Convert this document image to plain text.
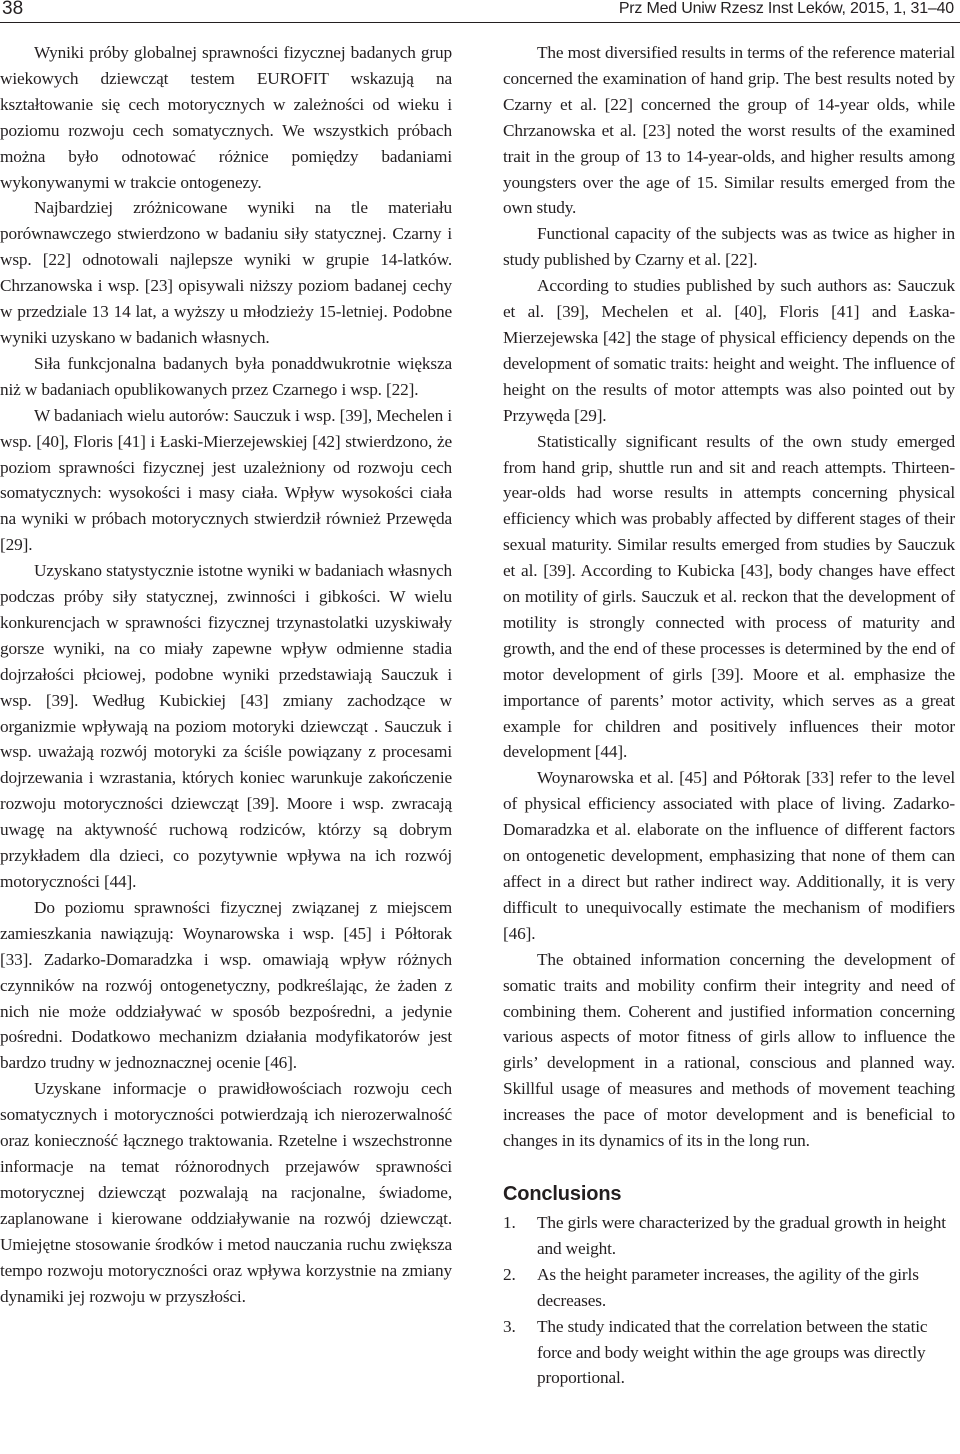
38	Prz Med Uniw Rzesz Inst Leków, 2015, 1, 31–40

Wyniki próby globalnej sprawności fizycznej badanych grup wiekowych dziewcząt testem EUROFIT wskazują na kształtowanie się cech motorycznych w zależności od wieku i poziomu rozwoju cech somatycznych. We wszystkich próbach można było odnotować różnice pomiędzy badaniami wykonywanymi w trakcie ontogenezy.

Najbardziej zróżnicowane wyniki na tle materiału porównawczego stwierdzono w badaniu siły statycznej. Czarny i wsp. [22] odnotowali najlepsze wyniki w grupie 14-latków. Chrzanowska i wsp. [23] opisywali niższy poziom badanej cechy w przedziale 13 14 lat, a wyższy u młodzieży 15-letniej. Podobne wyniki uzyskano w badanich własnych.

Siła funkcjonalna badanych była ponaddwukrotnie większa niż w badaniach opublikowanych przez Czarnego i wsp. [22].

W badaniach wielu autorów: Sauczuk i wsp. [39], Mechelen i wsp. [40], Floris [41] i Łaski-Mierzejewskiej [42] stwierdzono, że poziom sprawności fizycznej jest uzależniony od rozwoju cech somatycznych: wysokości i masy ciała. Wpływ wysokości ciała na wyniki w próbach motorycznych stwierdził również Przewęda [29].

Uzyskano statystycznie istotne wyniki w badaniach własnych podczas próby siły statycznej, zwinności i gibkości. W wielu konkurencjach w sprawności fizycznej trzynastolatki uzyskiwały gorsze wyniki, na co miały zapewne wpływ odmienne stadia dojrzałości płciowej, podobne wyniki przedstawiają Sauczuk i wsp. [39]. Według Kubickiej [43] zmiany zachodzące w organizmie wpływają na poziom motoryki dziewcząt . Sauczuk i wsp. uważają rozwój motoryki za ściśle powiązany z procesami dojrzewania i wzrastania, których koniec warunkuje zakończenie rozwoju motoryczności dziewcząt [39]. Moore i wsp. zwracają uwagę na aktywność ruchową rodziców, którzy są dobrym przykładem dla dzieci, co pozytywnie wpływa na ich rozwój motoryczności [44].

Do poziomu sprawności fizycznej związanej z miejscem zamieszkania nawiązują: Woynarowska i wsp. [45] i Półtorak [33]. Zadarko-Domaradzka i wsp. omawiają wpływ różnych czynników na rozwój ontogenetyczny, podkreślając, że żaden z nich nie może oddziaływać w sposób bezpośredni, a jedynie pośredni. Dodatkowo mechanizm działania modyfikatorów jest bardzo trudny w jednoznacznej ocenie [46].

Uzyskane informacje o prawidłowościach rozwoju cech somatycznych i motoryczności potwierdzają ich nierozerwalność oraz konieczność łącznego traktowania. Rzetelne i wszechstronne informacje na temat różnorodnych przejawów sprawności motorycznej dziewcząt pozwalają na racjonalne, świadome, zaplanowane i kierowane oddziaływanie na rozwój dziewcząt. Umiejętne stosowanie środków i metod nauczania ruchu zwiększa tempo rozwoju motoryczności oraz wpływa korzystnie na zmiany dynamiki jej rozwoju w przyszłości.

The most diversified results in terms of the reference material concerned the examination of hand grip. The best results noted by Czarny et al. [22] concerned the group of 14-year olds, while Chrzanowska et al. [23] noted the worst results of the examined trait in the group of 13 to 14-year-olds, and higher results among youngsters over the age of 15. Similar results emerged from the own study.

Functional capacity of the subjects was as twice as higher in study published by Czarny et al. [22].

According to studies published by such authors as: Sauczuk et al. [39], Mechelen et al. [40], Floris [41] and Łaska-Mierzejewska [42] the stage of physical efficiency depends on the development of somatic traits: height and weight. The influence of height on the results of motor attempts was also pointed out by Przywęda [29].

Statistically significant results of the own study emerged from hand grip, shuttle run and sit and reach attempts. Thirteen-year-olds had worse results in attempts concerning physical efficiency which was probably affected by different stages of their sexual maturity. Similar results emerged from studies by Sauczuk et al. [39]. According to Kubicka [43], body changes have effect on motility of girls. Sauczuk et al. reckon that the development of motility is strongly connected with process of maturity and growth, and the end of these processes is determined by the end of motor development of girls [39]. Moore et al. emphasize the importance of parents’ motor activity, which serves as a great example for children and positively influences their motor development [44].

Woynarowska et al. [45] and Półtorak [33] refer to the level of physical efficiency associated with place of living. Zadarko-Domaradzka et al. elaborate on the influence of different factors on ontogenetic development, emphasizing that none of them can affect in a direct but rather indirect way. Additionally, it is very difficult to unequivocally estimate the mechanism of modifiers [46].

The obtained information concerning the development of somatic traits and mobility confirm their integrity and need of combining them. Coherent and justified information concerning various aspects of motor fitness of girls allow to influence the girls’ development in a rational, conscious and planned way. Skillful usage of measures and methods of movement teaching increases the pace of motor development and is beneficial to changes in its dynamics of its in the long run.

Conclusions
1. The girls were characterized by the gradual growth in height and weight.
2. As the height parameter increases, the agility of the girls decreases.
3. The study indicated that the correlation between the static force and body weight within the age groups was directly proportional.
